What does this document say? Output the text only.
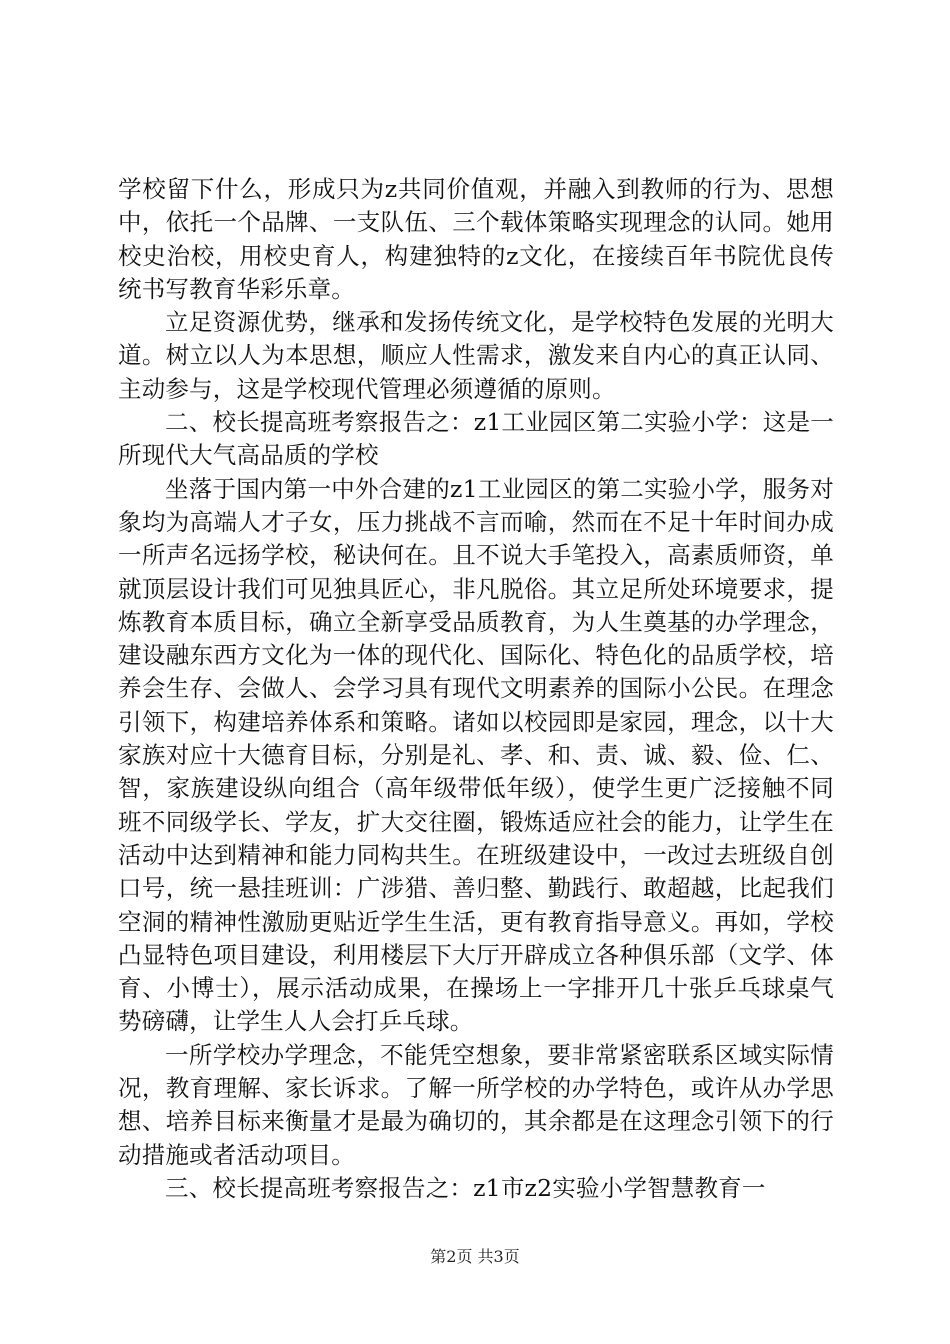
学校留下什么，形成只为z共同价值观，并融入到教师的行为、思想中，依托一个品牌、一支队伍、三个载体策略实现理念的认同。她用校史治校，用校史育人，构建独特的z文化，在接续百年书院优良传统书写教育华彩乐章。

立足资源优势，继承和发扬传统文化，是学校特色发展的光明大道。树立以人为本思想，顺应人性需求，激发来自内心的真正认同、主动参与，这是学校现代管理必须遵循的原则。

二、校长提高班考察报告之：z1工业园区第二实验小学：这是一所现代大气高品质的学校

坐落于国内第一中外合建的z1工业园区的第二实验小学，服务对象均为高端人才子女，压力挑战不言而喻，然而在不足十年时间办成一所声名远扬学校，秘诀何在。且不说大手笔投入，高素质师资，单就顶层设计我们可见独具匠心，非凡脱俗。其立足所处环境要求，提炼教育本质目标，确立全新享受品质教育，为人生奠基的办学理念，建设融东西方文化为一体的现代化、国际化、特色化的品质学校，培养会生存、会做人、会学习具有现代文明素养的国际小公民。在理念引领下，构建培养体系和策略。诸如以校园即是家园，理念，以十大家族对应十大德育目标，分别是礼、孝、和、责、诚、毅、俭、仁、智，家族建设纵向组合（高年级带低年级），使学生更广泛接触不同班不同级学长、学友，扩大交往圈，锻炼适应社会的能力，让学生在活动中达到精神和能力同构共生。在班级建设中，一改过去班级自创口号，统一悬挂班训：广涉猎、善归整、勤践行、敢超越，比起我们空洞的精神性激励更贴近学生生活，更有教育指导意义。再如，学校凸显特色项目建设，利用楼层下大厅开辟成立各种俱乐部（文学、体育、小博士），展示活动成果，在操场上一字排开几十张乒乓球桌气势磅礴，让学生人人会打乒乓球。

一所学校办学理念，不能凭空想象，要非常紧密联系区域实际情况，教育理解、家长诉求。了解一所学校的办学特色，或许从办学思想、培养目标来衡量才是最为确切的，其余都是在这理念引领下的行动措施或者活动项目。

三、校长提高班考察报告之：z1市z2实验小学智慧教育一

第2页 共3页
